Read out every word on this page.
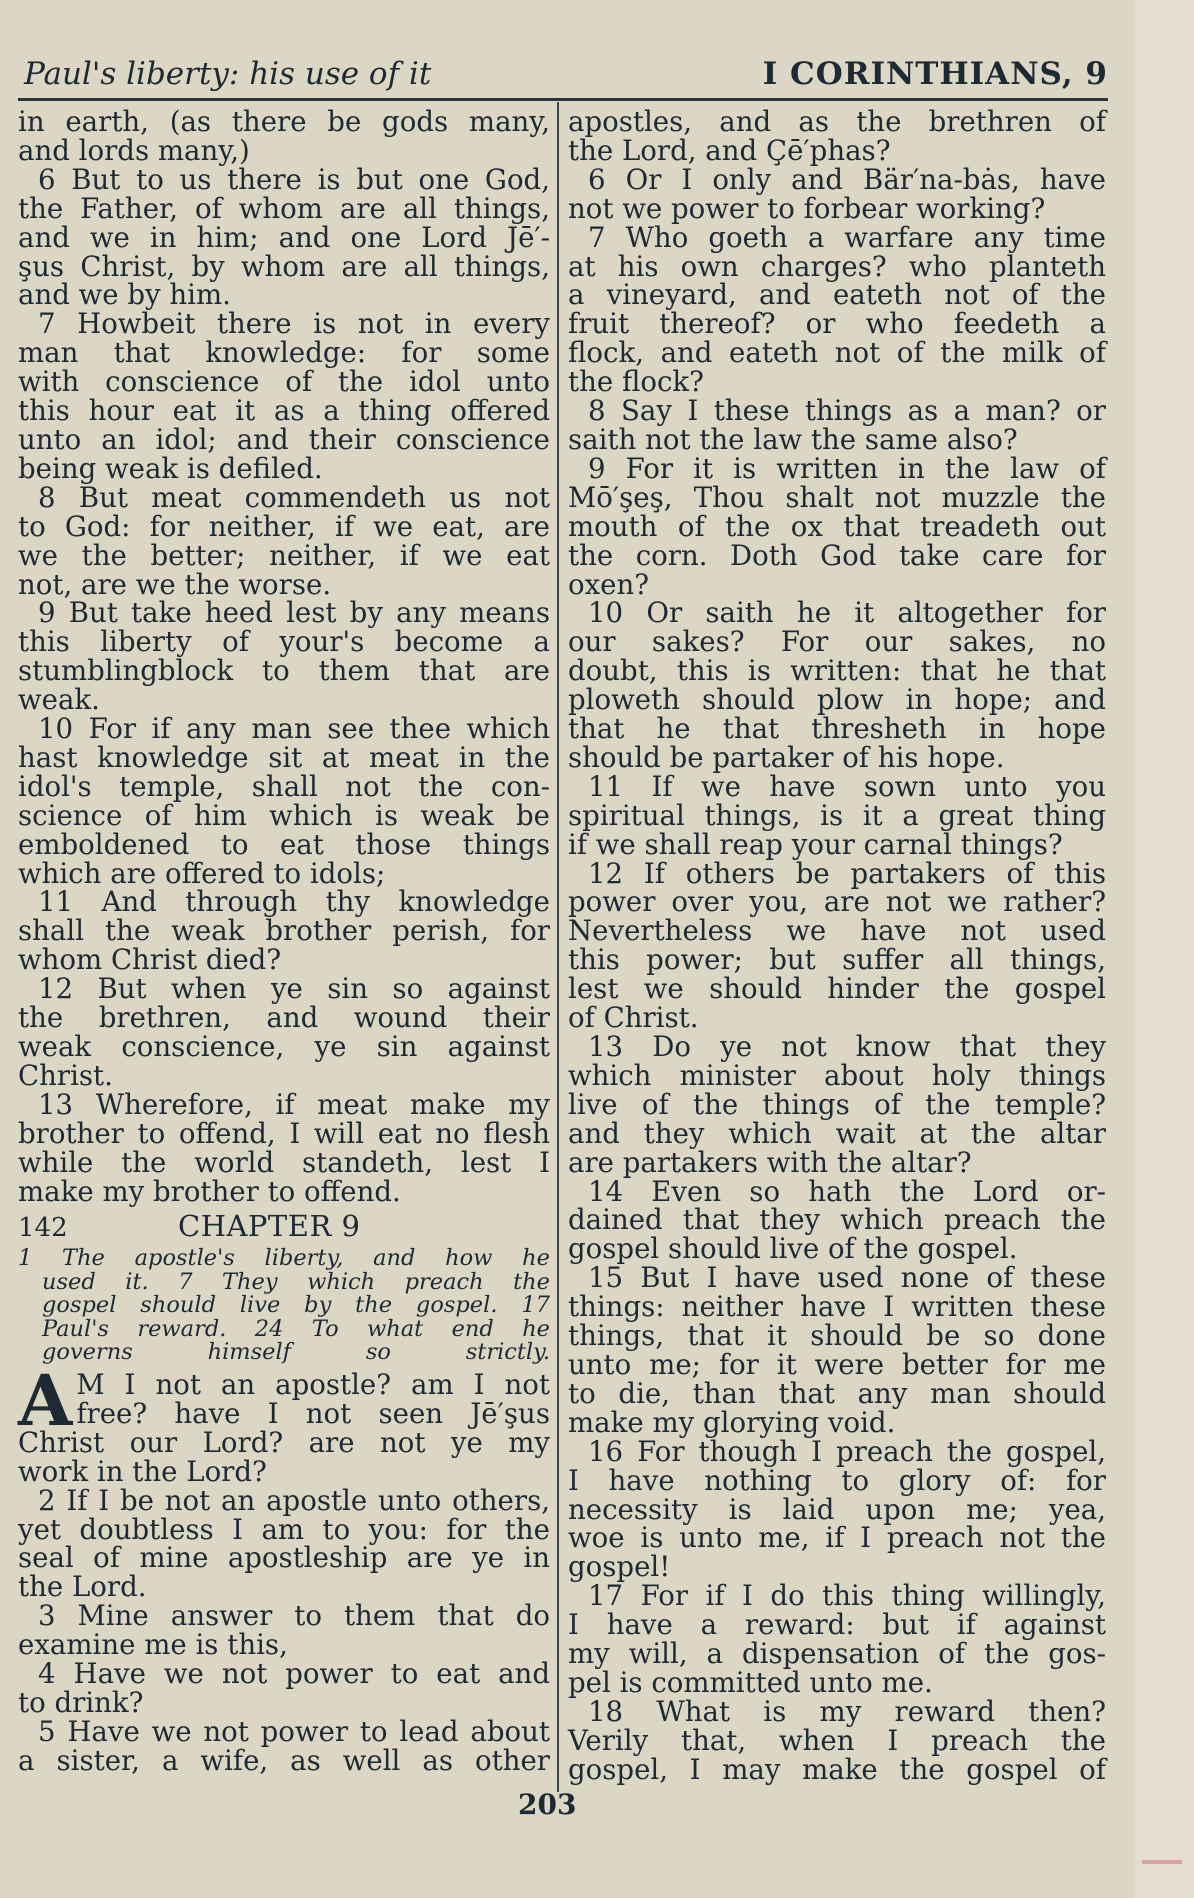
Paul's liberty: his use of it	I CORINTHIANS, 9
in earth, (as there be gods many,
and lords many,)
6 But to us there is but one God,
the Father, of whom are all things,
and we in him; and one Lord Jē′-
şus Christ, by whom are all things,
and we by him.
7 Howbeit there is not in every
man that knowledge: for some
with conscience of the idol unto
this hour eat it as a thing offered
unto an idol; and their conscience
being weak is defiled.
8 But meat commendeth us not
to God: for neither, if we eat, are
we the better; neither, if we eat
not, are we the worse.
9 But take heed lest by any means
this liberty of your's become a
stumblingblock to them that are
weak.
10 For if any man see thee which
hast knowledge sit at meat in the
idol's temple, shall not the con-
science of him which is weak be
emboldened to eat those things
which are offered to idols;
11 And through thy knowledge
shall the weak brother perish, for
whom Christ died?
12 But when ye sin so against
the brethren, and wound their
weak conscience, ye sin against
Christ.
13 Wherefore, if meat make my
brother to offend, I will eat no flesh
while the world standeth, lest I
make my brother to offend.
142	CHAPTER 9
1 The apostle's liberty, and how he
used it. 7 They which preach the
gospel should live by the gospel. 17
Paul's reward. 24 To what end he
governs himself so strictly.
A M I not an apostle? am I not
free? have I not seen Jē′şus
Christ our Lord? are not ye my
work in the Lord?
2 If I be not an apostle unto others,
yet doubtless I am to you: for the
seal of mine apostleship are ye in
the Lord.
3 Mine answer to them that do
examine me is this,
4 Have we not power to eat and
to drink?
5 Have we not power to lead about
a sister, a wife, as well as other
apostles, and as the brethren of
the Lord, and Çē′phas?
6 Or I only and Bär′na-bȧs, have
not we power to forbear working?
7 Who goeth a warfare any time
at his own charges? who planteth
a vineyard, and eateth not of the
fruit thereof? or who feedeth a
flock, and eateth not of the milk of
the flock?
8 Say I these things as a man? or
saith not the law the same also?
9 For it is written in the law of
Mō′şeş, Thou shalt not muzzle the
mouth of the ox that treadeth out
the corn. Doth God take care for
oxen?
10 Or saith he it altogether for
our sakes? For our sakes, no
doubt, this is written: that he that
ploweth should plow in hope; and
that he that thresheth in hope
should be partaker of his hope.
11 If we have sown unto you
spiritual things, is it a great thing
if we shall reap your carnal things?
12 If others be partakers of this
power over you, are not we rather?
Nevertheless we have not used
this power; but suffer all things,
lest we should hinder the gospel
of Christ.
13 Do ye not know that they
which minister about holy things
live of the things of the temple?
and they which wait at the altar
are partakers with the altar?
14 Even so hath the Lord or-
dained that they which preach the
gospel should live of the gospel.
15 But I have used none of these
things: neither have I written these
things, that it should be so done
unto me; for it were better for me
to die, than that any man should
make my glorying void.
16 For though I preach the gospel,
I have nothing to glory of: for
necessity is laid upon me; yea,
woe is unto me, if I preach not the
gospel!
17 For if I do this thing willingly,
I have a reward: but if against
my will, a dispensation of the gos-
pel is committed unto me.
18 What is my reward then?
Verily that, when I preach the
gospel, I may make the gospel of
203
